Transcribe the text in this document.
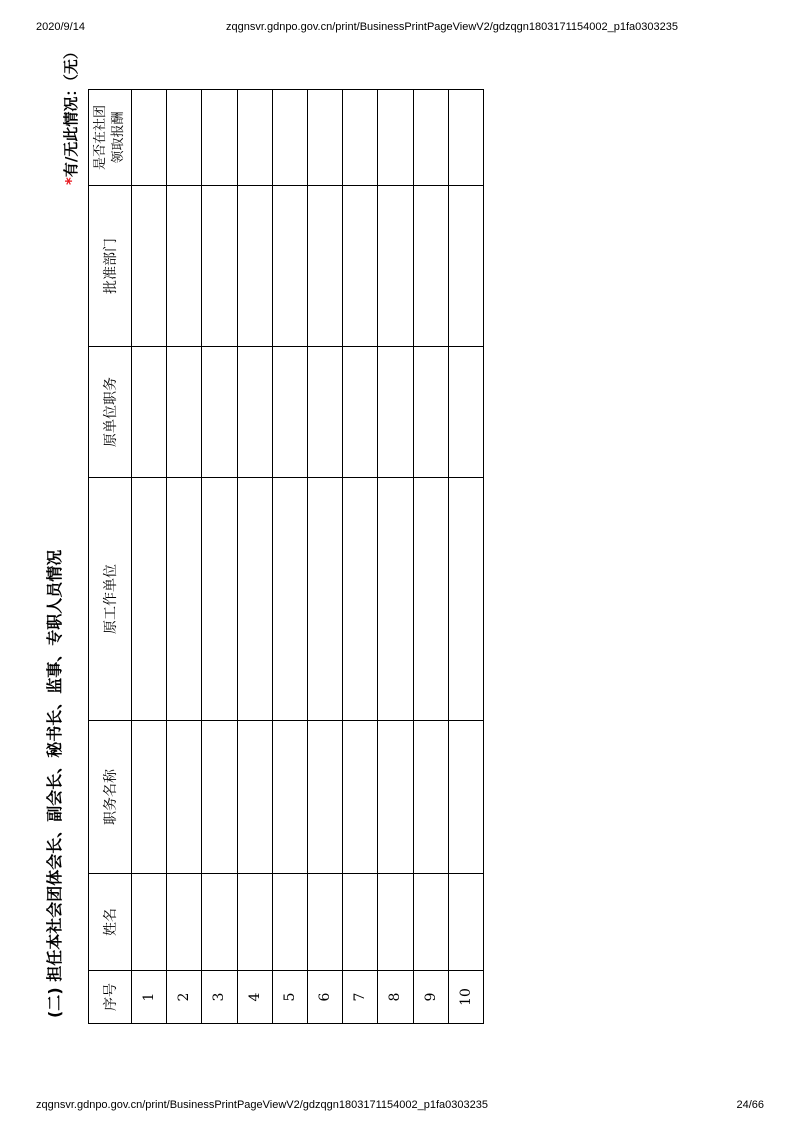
2020/9/14	zqgnsvr.gdnpo.gov.cn/print/BusinessPrintPageViewV2/gdzqgn1803171154002_p1fa0303235
(二) 担任本社会团体会长、副会长、秘书长、监事、专职人员情况
*有/无此情况：（无）
序号	姓名	职务名称	原工作单位	原单位职务	批准部门	是否在社团 领取报酬

1						
2						
3						
4						
5						
6						
7						
8						
9						
10						
zqgnsvr.gdnpo.gov.cn/print/BusinessPrintPageViewV2/gdzqgn1803171154002_p1fa0303235	24/66
